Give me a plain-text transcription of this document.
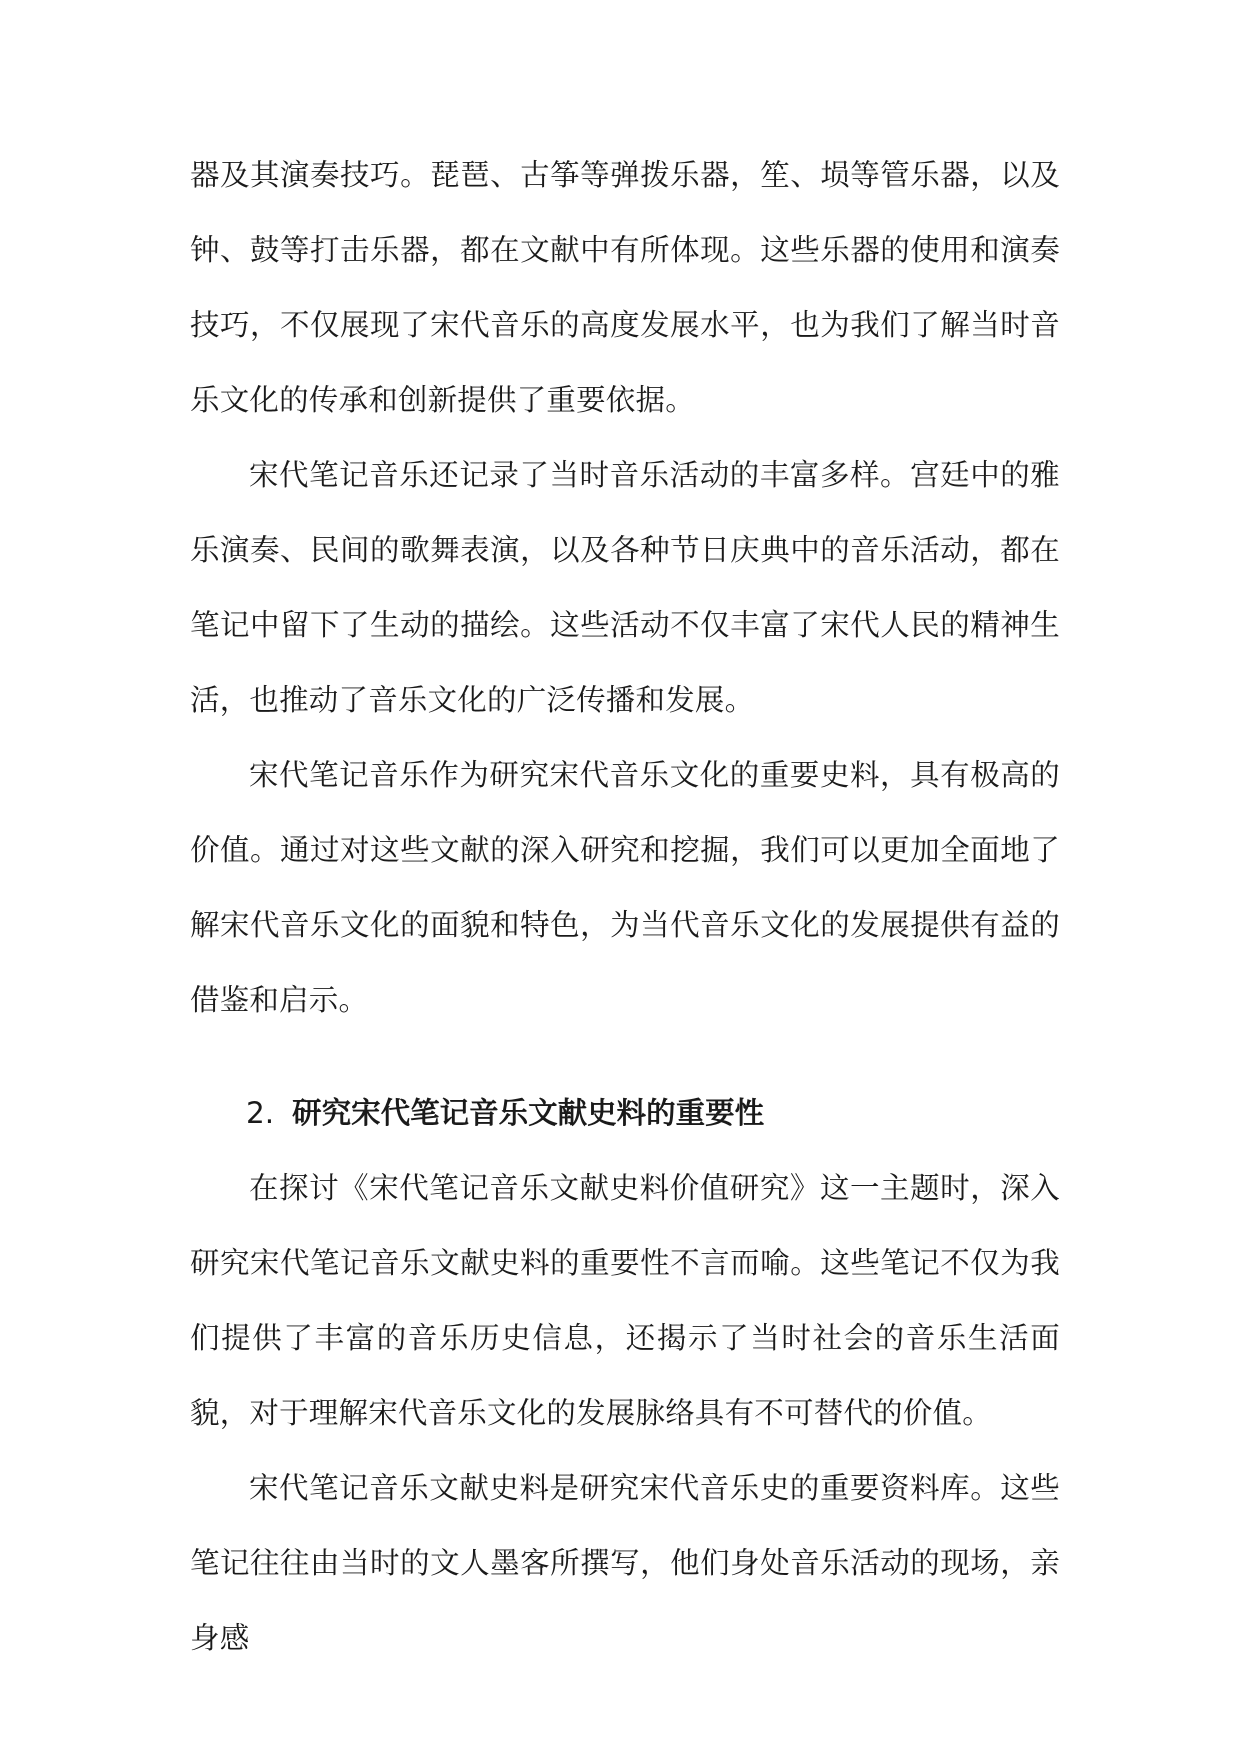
器及其演奏技巧。琵琶、古筝等弹拨乐器，笙、埙等管乐器，以及钟、鼓等打击乐器，都在文献中有所体现。这些乐器的使用和演奏技巧，不仅展现了宋代音乐的高度发展水平，也为我们了解当时音乐文化的传承和创新提供了重要依据。

宋代笔记音乐还记录了当时音乐活动的丰富多样。宫廷中的雅乐演奏、民间的歌舞表演，以及各种节日庆典中的音乐活动，都在笔记中留下了生动的描绘。这些活动不仅丰富了宋代人民的精神生活，也推动了音乐文化的广泛传播和发展。

宋代笔记音乐作为研究宋代音乐文化的重要史料，具有极高的价值。通过对这些文献的深入研究和挖掘，我们可以更加全面地了解宋代音乐文化的面貌和特色，为当代音乐文化的发展提供有益的借鉴和启示。

2. 研究宋代笔记音乐文献史料的重要性

在探讨《宋代笔记音乐文献史料价值研究》这一主题时，深入研究宋代笔记音乐文献史料的重要性不言而喻。这些笔记不仅为我们提供了丰富的音乐历史信息，还揭示了当时社会的音乐生活面貌，对于理解宋代音乐文化的发展脉络具有不可替代的价值。

宋代笔记音乐文献史料是研究宋代音乐史的重要资料库。这些笔记往往由当时的文人墨客所撰写，他们身处音乐活动的现场，亲身感
